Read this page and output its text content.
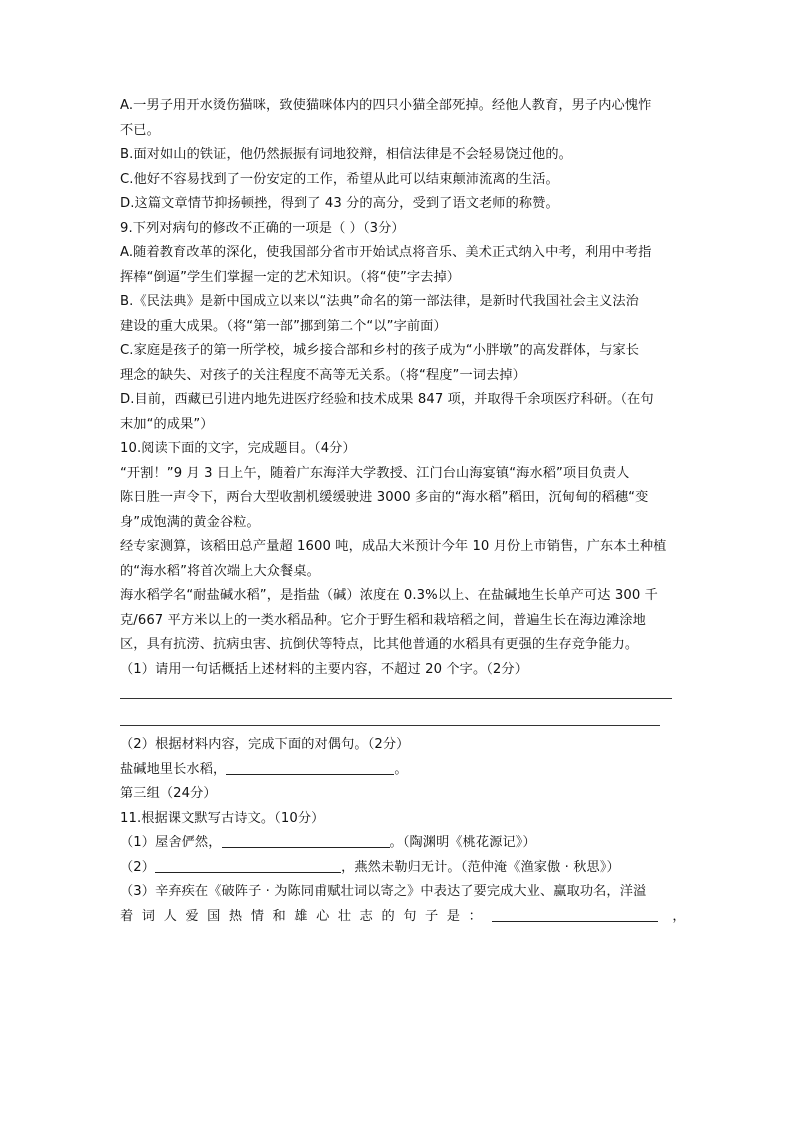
A.一男子用开水烫伤猫咪，致使猫咪体内的四只小猫全部死掉。经他人教育，男子内心愧怍
不已。
B.面对如山的铁证，他仍然振振有词地狡辩，相信法律是不会轻易饶过他的。
C.他好不容易找到了一份安定的工作，希望从此可以结束颠沛流离的生活。
D.这篇文章情节抑扬顿挫，得到了 43 分的高分，受到了语文老师的称赞。
9.下列对病句的修改不正确的一项是（ ）（3分）
A.随着教育改革的深化，使我国部分省市开始试点将音乐、美术正式纳入中考，利用中考指
挥棒“倒逼”学生们掌握一定的艺术知识。（将“使”字去掉）
B.《民法典》是新中国成立以来以“法典”命名的第一部法律，是新时代我国社会主义法治
建设的重大成果。（将“第一部”挪到第二个“以”字前面）
C.家庭是孩子的第一所学校，城乡接合部和乡村的孩子成为“小胖墩”的高发群体，与家长
理念的缺失、对孩子的关注程度不高等无关系。（将“程度”一词去掉）
D.目前，西藏已引进内地先进医疗经验和技术成果 847 项，并取得千余项医疗科研。（在句
末加“的成果”）
10.阅读下面的文字，完成题目。（4分）
“开割！”9 月 3 日上午，随着广东海洋大学教授、江门台山海宴镇“海水稻”项目负责人
陈日胜一声令下，两台大型收割机缓缓驶进 3000 多亩的“海水稻”稻田，沉甸甸的稻穗“变
身”成饱满的黄金谷粒。
经专家测算，该稻田总产量超 1600 吨，成品大米预计今年 10 月份上市销售，广东本土种植
的“海水稻”将首次端上大众餐桌。
海水稻学名“耐盐碱水稻”，是指盐（碱）浓度在 0.3%以上、在盐碱地生长单产可达 300 千
克/667 平方米以上的一类水稻品种。它介于野生稻和栽培稻之间，普遍生长在海边滩涂地
区，具有抗涝、抗病虫害、抗倒伏等特点，比其他普通的水稻具有更强的生存竞争能力。
（1）请用一句话概括上述材料的主要内容，不超过 20 个字。（2分）
（2）根据材料内容，完成下面的对偶句。（2分）
盐碱地里长水稻，	。
第三组（24分）
11.根据课文默写古诗文。（10分）
（1）屋舍俨然，	。（陶渊明《桃花源记》）
（2）	，燕然未勒归无计。（范仲淹《渔家傲 · 秋思》）
（3）辛弃疾在《破阵子 · 为陈同甫赋壮词以寄之》中表达了要完成大业、赢取功名，洋溢
着词人爱国热情和雄心壮志的句子是：	，
